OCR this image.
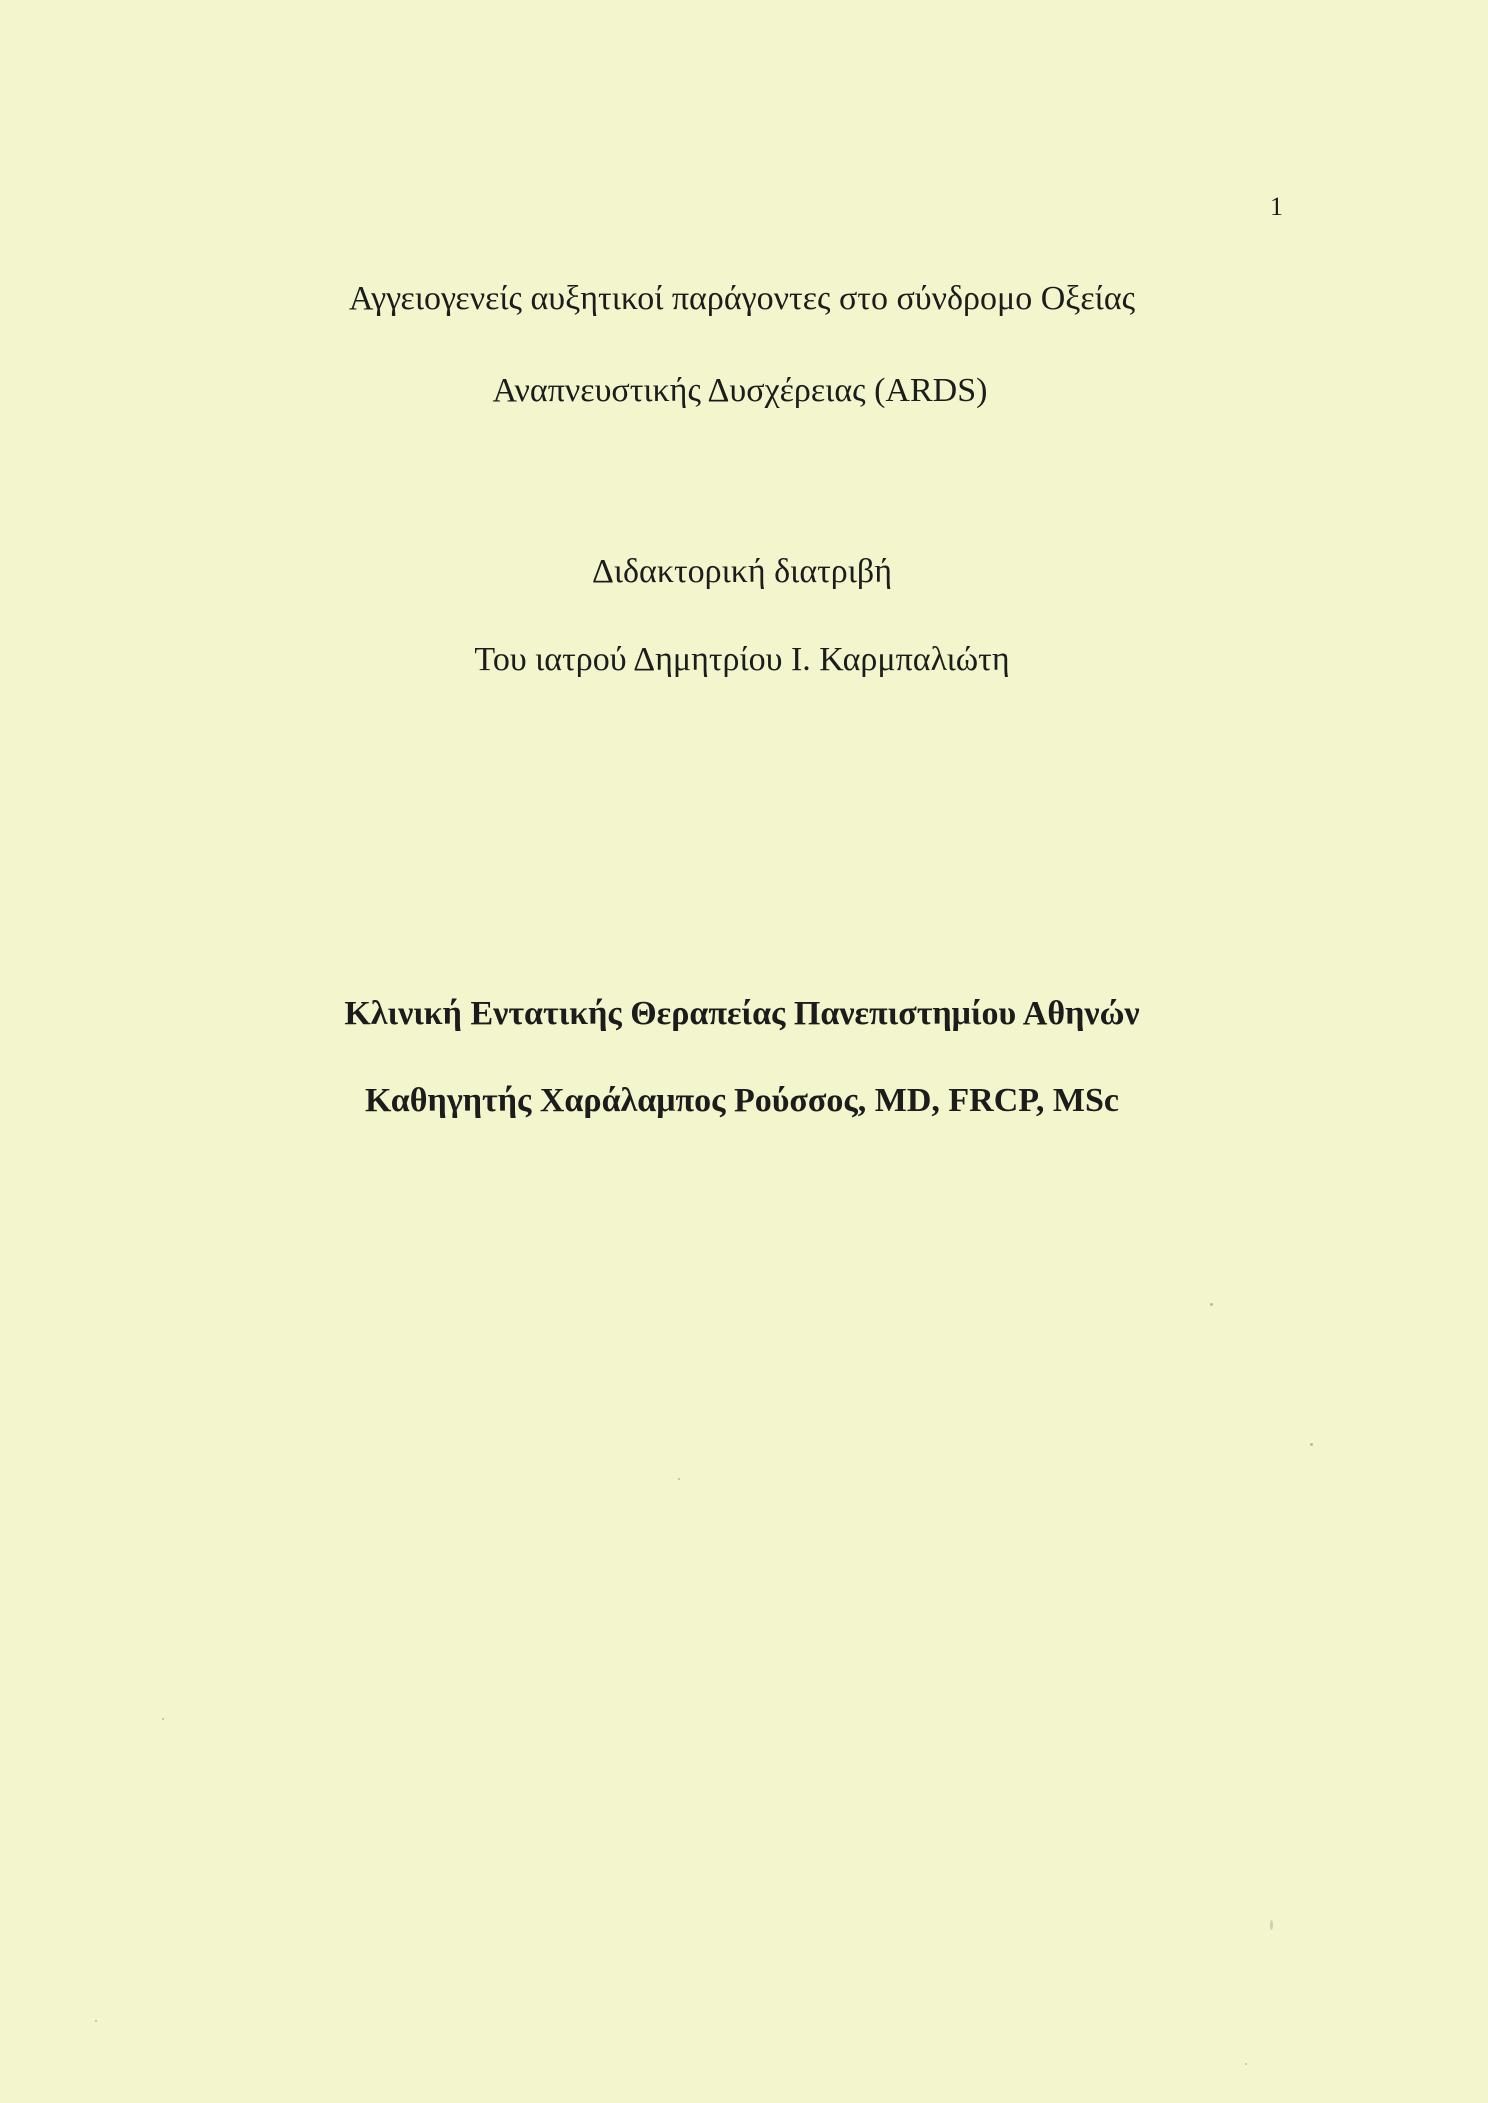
1
Αγγειογενείς αυξητικοί παράγοντες στο σύνδρομο Οξείας
Αναπνευστικής Δυσχέρειας (ARDS)
Διδακτορική διατριβή
Του ιατρού Δημητρίου Ι. Καρμπαλιώτη
Κλινική Εντατικής Θεραπείας Πανεπιστημίου Αθηνών
Καθηγητής Χαράλαμπος Ρούσσος, MD, FRCP, MSc
